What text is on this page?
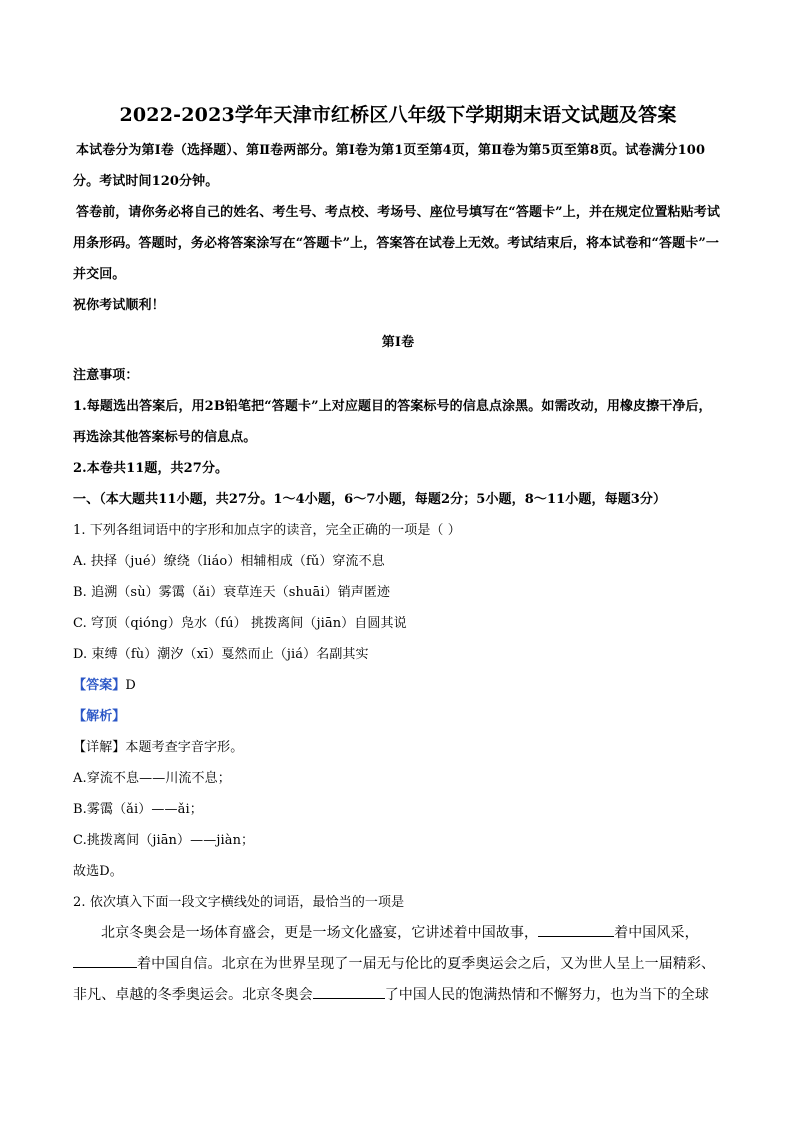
2022-2023学年天津市红桥区八年级下学期期末语文试题及答案

本试卷分为第Ⅰ卷（选择题）、第Ⅱ卷两部分。第Ⅰ卷为第1页至第4页，第Ⅱ卷为第5页至第8页。试卷满分100分。考试时间120分钟。

答卷前，请你务必将自己的姓名、考生号、考点校、考场号、座位号填写在“答题卡”上，并在规定位置粘贴考试用条形码。答题时，务必将答案涂写在“答题卡”上，答案答在试卷上无效。考试结束后，将本试卷和“答题卡”一并交回。

祝你考试顺利！

第Ⅰ卷

注意事项：

1.每题选出答案后，用2B铅笔把“答题卡”上对应题目的答案标号的信息点涂黑。如需改动，用橡皮擦干净后，再选涂其他答案标号的信息点。

2.本卷共11题，共27分。

一、（本大题共11小题，共27分。1～4小题，6～7小题，每题2分；5小题，8～11小题，每题3分）

1. 下列各组词语中的字形和加点字的读音，完全正确的一项是（ ）

A. 抉择（jué）缭绕（liáo）相辅相成（fǔ）穿流不息

B. 追溯（sù）雾霭（ǎi）衰草连天（shuāi）销声匿迹

C. 穹顶（qióng）凫水（fú） 挑拨离间（jiān）自圆其说

D. 束缚（fù）潮汐（xī）戛然而止（jiá）名副其实

【答案】D

【解析】

【详解】本题考查字音字形。

A.穿流不息——川流不息；

B.雾霭（ǎi）——ǎi；

C.挑拨离间（jiān）——jiàn；

故选D。

2. 依次填入下面一段文字横线处的词语，最恰当的一项是

北京冬奥会是一场体育盛会，更是一场文化盛宴，它讲述着中国故事，	着中国风采，着中国自信。北京在为世界呈现了一届无与伦比的夏季奥运会之后，又为世人呈上一届精彩、非凡、卓越的冬季奥运会。北京冬奥会	了中国人民的饱满热情和不懈努力，也为当下的全球
